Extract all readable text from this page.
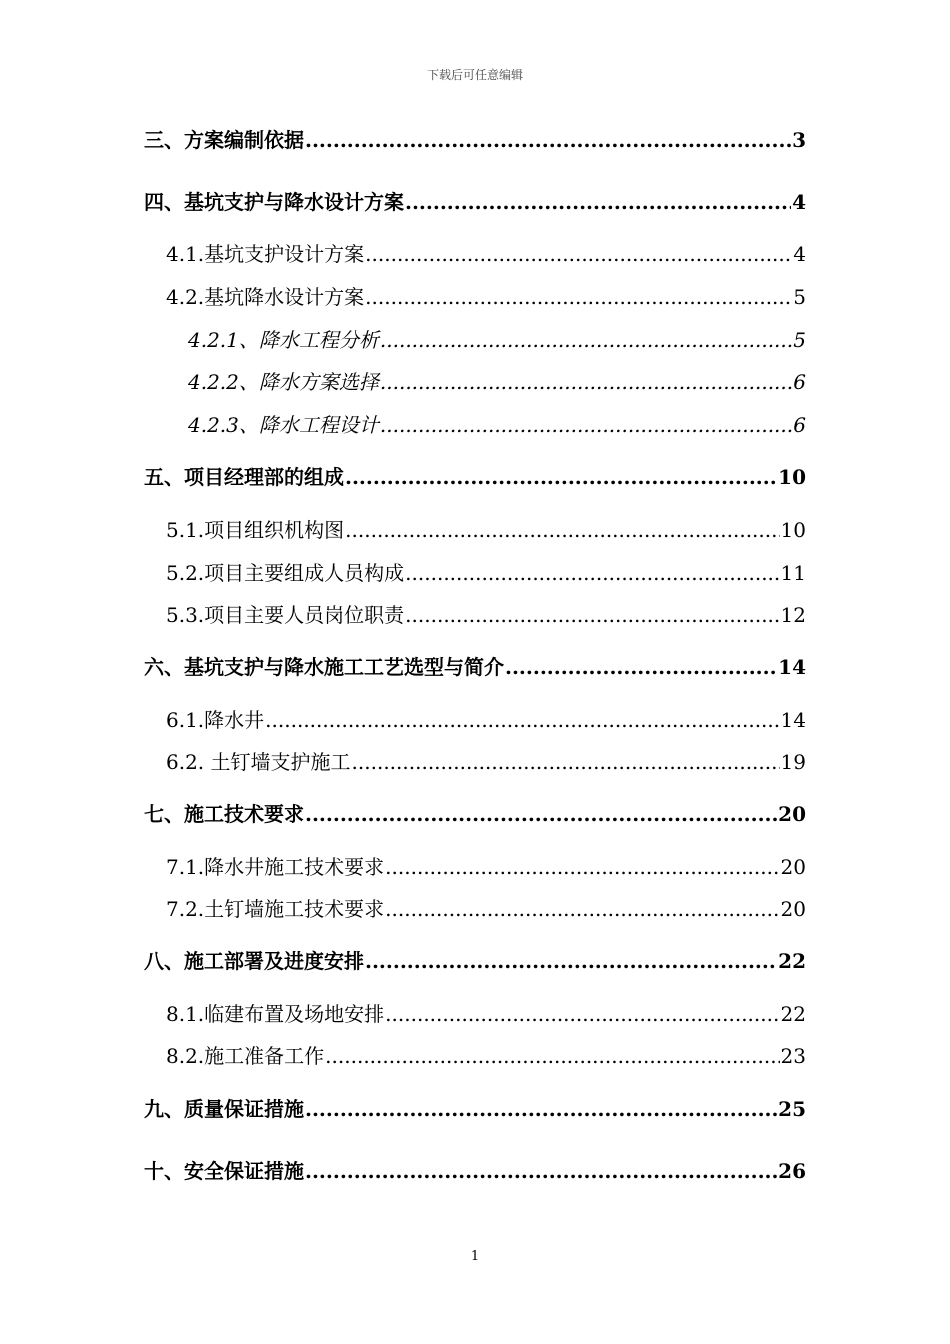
下载后可任意编辑
三、方案编制依据 .....	3
四、基坑支护与降水设计方案 .....	4
4.1.基坑支护设计方案 .....	4
4.2.基坑降水设计方案 .....	5
4.2.1、降水工程分析 .....	5
4.2.2、降水方案选择 .....	6
4.2.3、降水工程设计 .....	6
五、项目经理部的组成 .....	10
5.1.项目组织机构图 .....	10
5.2.项目主要组成人员构成 .....	11
5.3.项目主要人员岗位职责 .....	12
六、基坑支护与降水施工工艺选型与简介 .....	14
6.1.降水井 .....	14
6.2. 土钉墙支护施工 .....	19
七、施工技术要求 .....	20
7.1.降水井施工技术要求 .....	20
7.2.土钉墙施工技术要求 .....	20
八、施工部署及进度安排 .....	22
8.1.临建布置及场地安排 .....	22
8.2.施工准备工作 .....	23
九、质量保证措施 .....	25
十、安全保证措施 .....	26
1
